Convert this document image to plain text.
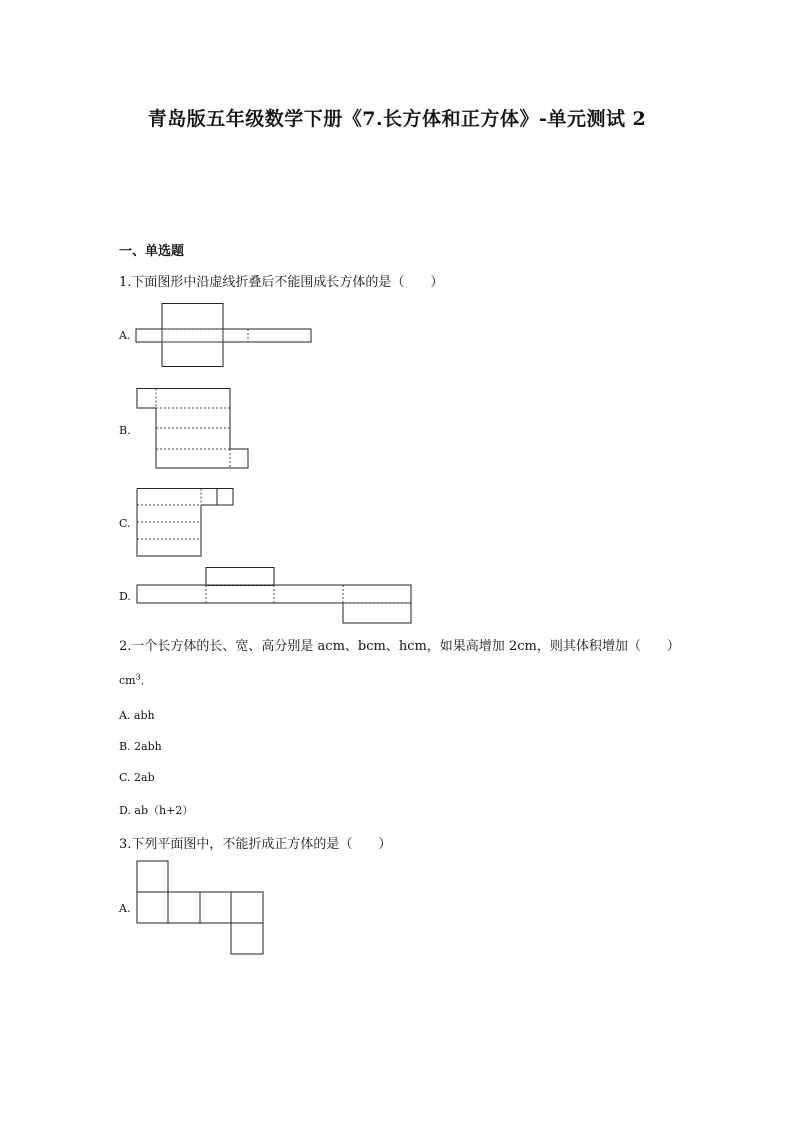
青岛版五年级数学下册《7.长方体和正方体》-单元测试 2
一、单选题
1.下面图形中沿虚线折叠后不能围成长方体的是（　　）
A.
B.
C.
D.
2.一个长方体的长、宽、高分别是 acm、bcm、hcm，如果高增加 2cm，则其体积增加（　　）
$cm^3$．
A. abh
B. 2abh
C. 2ab
D. ab（h+2）
3.下列平面图中，不能折成正方体的是（　　）
A.
